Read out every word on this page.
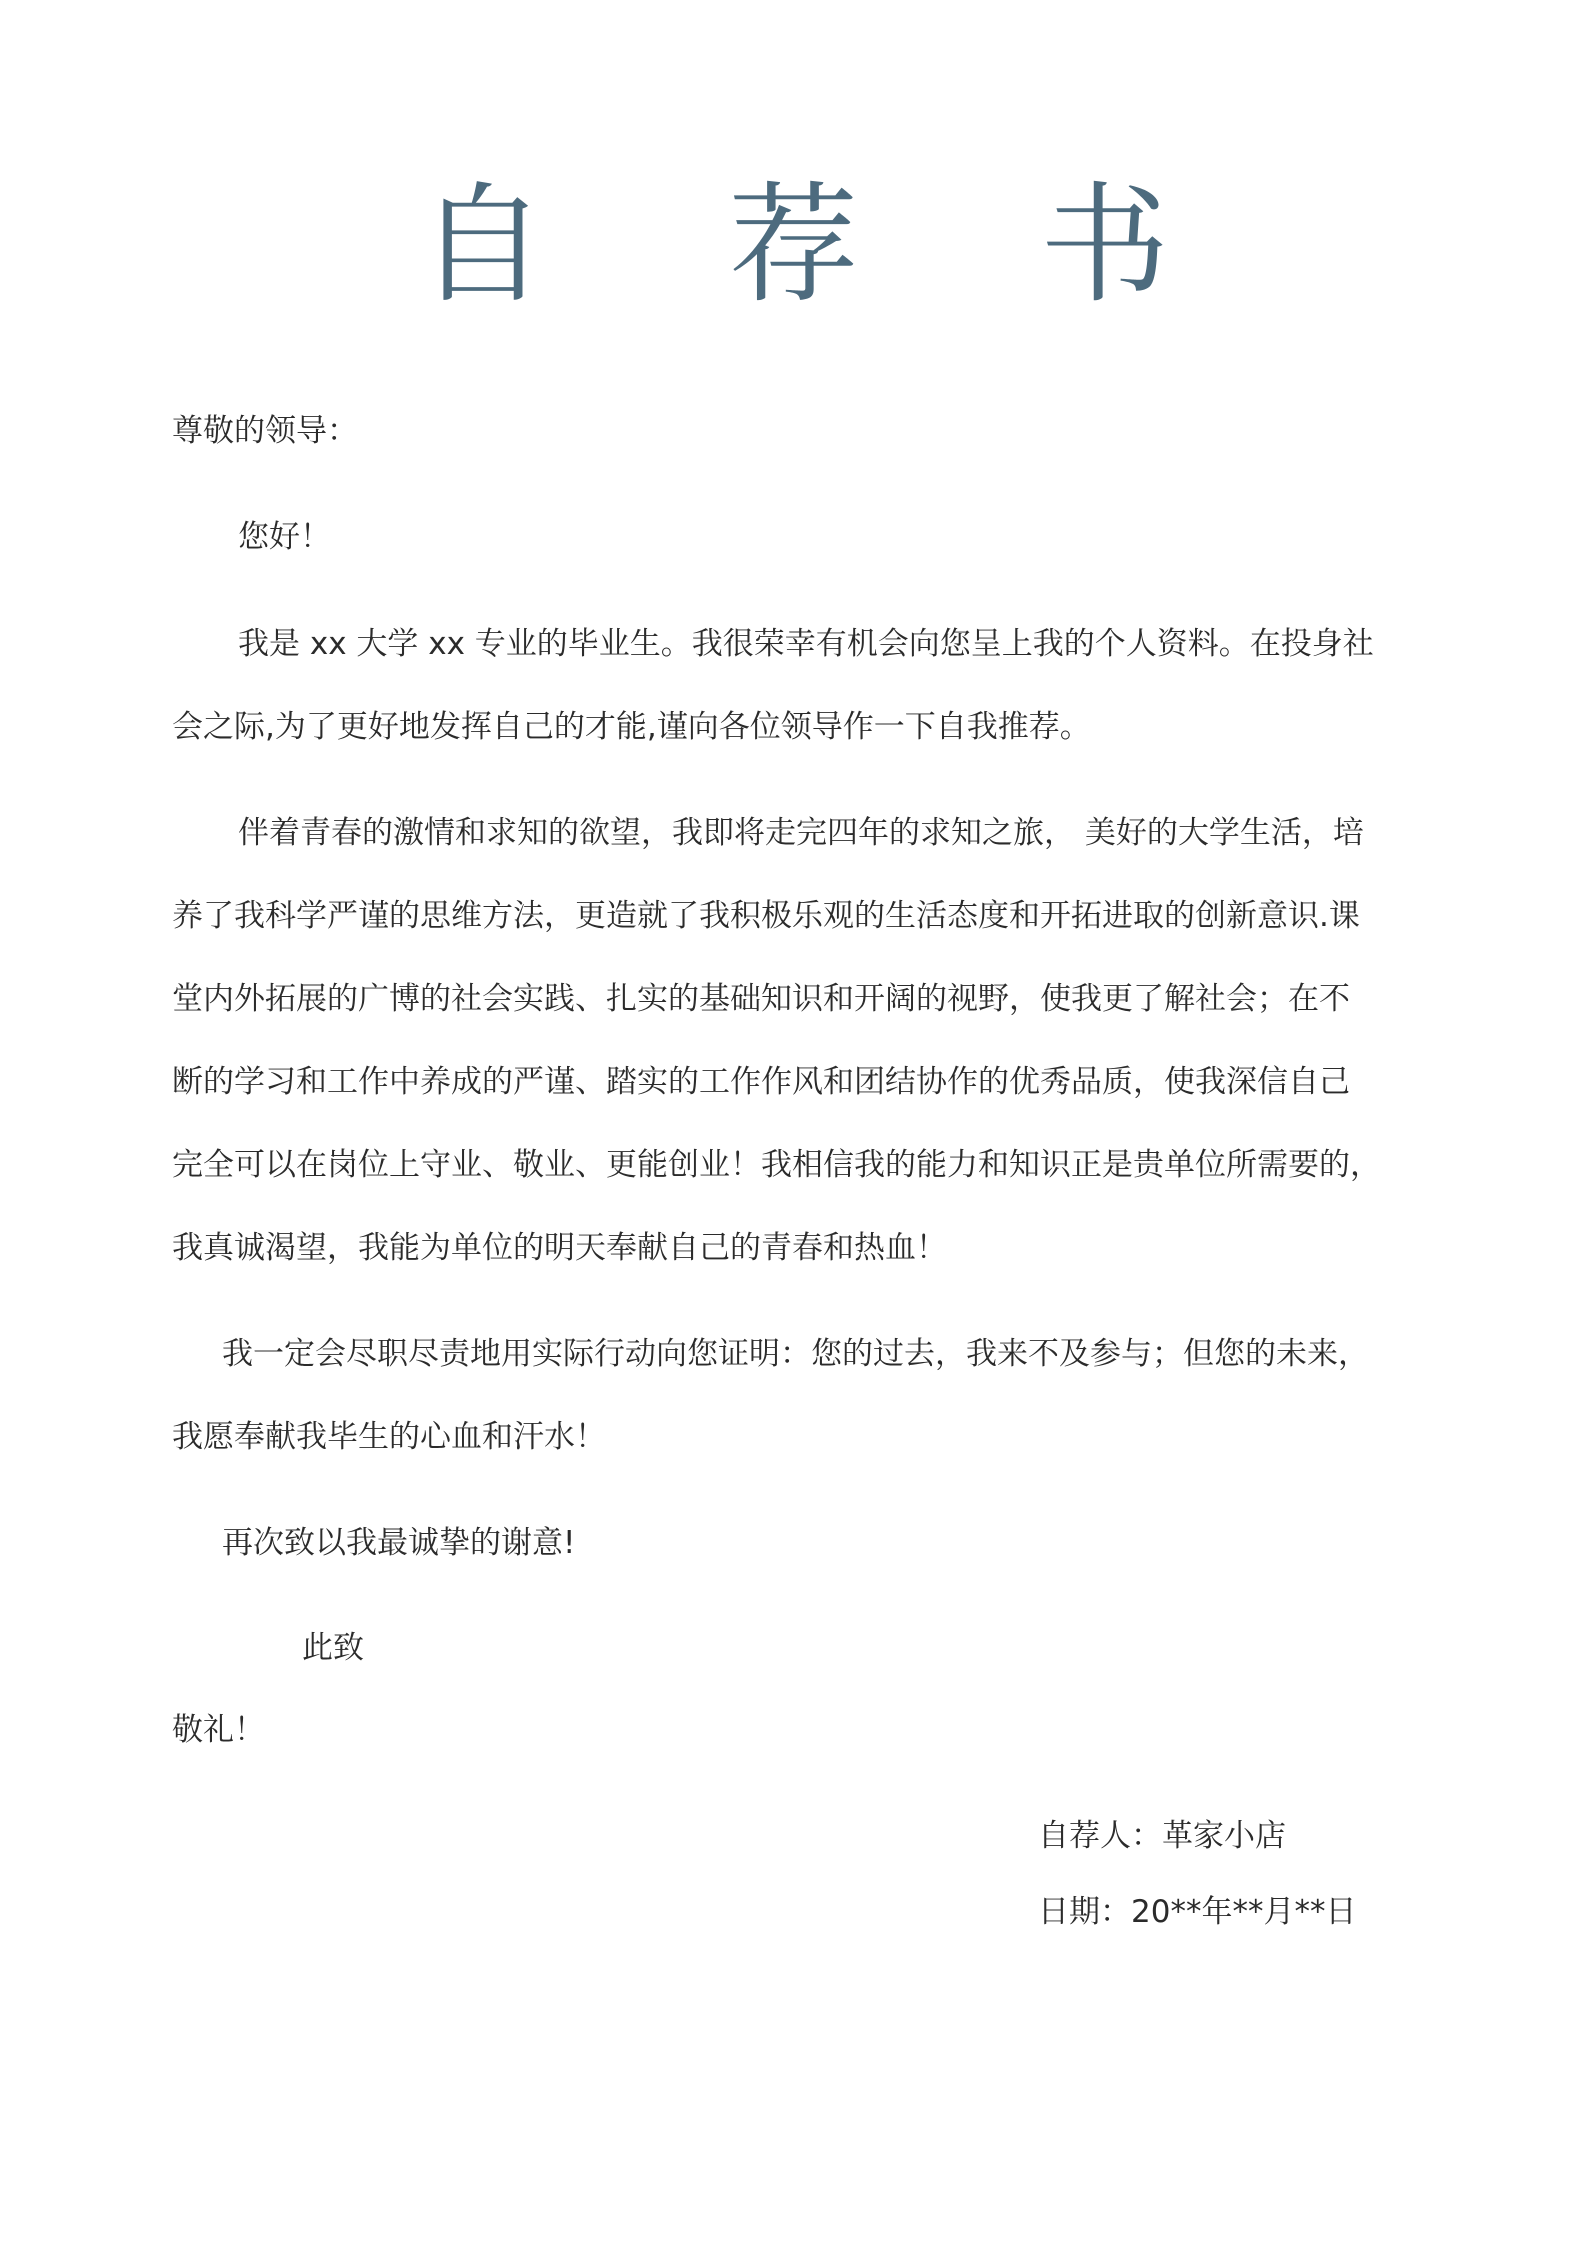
自 荐 书
尊敬的领导：
您好！
我是 xx 大学 xx 专业的毕业生。我很荣幸有机会向您呈上我的个人资料。在投身社
会之际,为了更好地发挥自己的才能,谨向各位领导作一下自我推荐。
伴着青春的激情和求知的欲望，我即将走完四年的求知之旅， 美好的大学生活，培
养了我科学严谨的思维方法，更造就了我积极乐观的生活态度和开拓进取的创新意识.课
堂内外拓展的广博的社会实践、扎实的基础知识和开阔的视野，使我更了解社会；在不
断的学习和工作中养成的严谨、踏实的工作作风和团结协作的优秀品质，使我深信自己
完全可以在岗位上守业、敬业、更能创业！我相信我的能力和知识正是贵单位所需要的，
我真诚渴望，我能为单位的明天奉献自己的青春和热血！
我一定会尽职尽责地用实际行动向您证明：您的过去，我来不及参与；但您的未来，
我愿奉献我毕生的心血和汗水！
再次致以我最诚挚的谢意!
此致
敬礼！
自荐人：革家小店
日期：20**年**月**日
